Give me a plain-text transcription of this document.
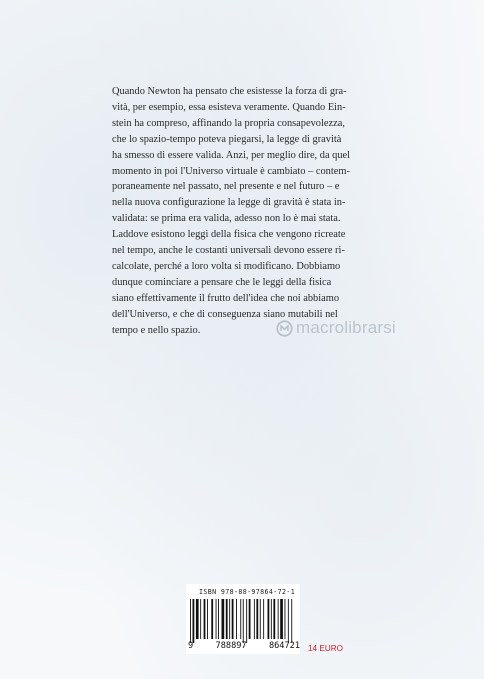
Quando Newton ha pensato che esistesse la forza di gra-
vità, per esempio, essa esisteva veramente. Quando Ein-
stein ha compreso, affinando la propria consapevolezza,
che lo spazio-tempo poteva piegarsi, la legge di gravità
ha smesso di essere valida. Anzi, per meglio dire, da quel
momento in poi l'Universo virtuale è cambiato – contem-
poraneamente nel passato, nel presente e nel futuro – e
nella nuova configurazione la legge di gravità è stata in-
validata: se prima era valida, adesso non lo è mai stata.
Laddove esistono leggi della fisica che vengono ricreate
nel tempo, anche le costanti universali devono essere ri-
calcolate, perché a loro volta si modificano. Dobbiamo
dunque cominciare a pensare che le leggi della fisica
siano effettivamente il frutto dell'idea che noi abbiamo
dell'Universo, e che di conseguenza siano mutabili nel
tempo e nello spazio.	macrolibrarsi
ISBN 978-88-97864-72-1
9	788897	864721 14 EURO
